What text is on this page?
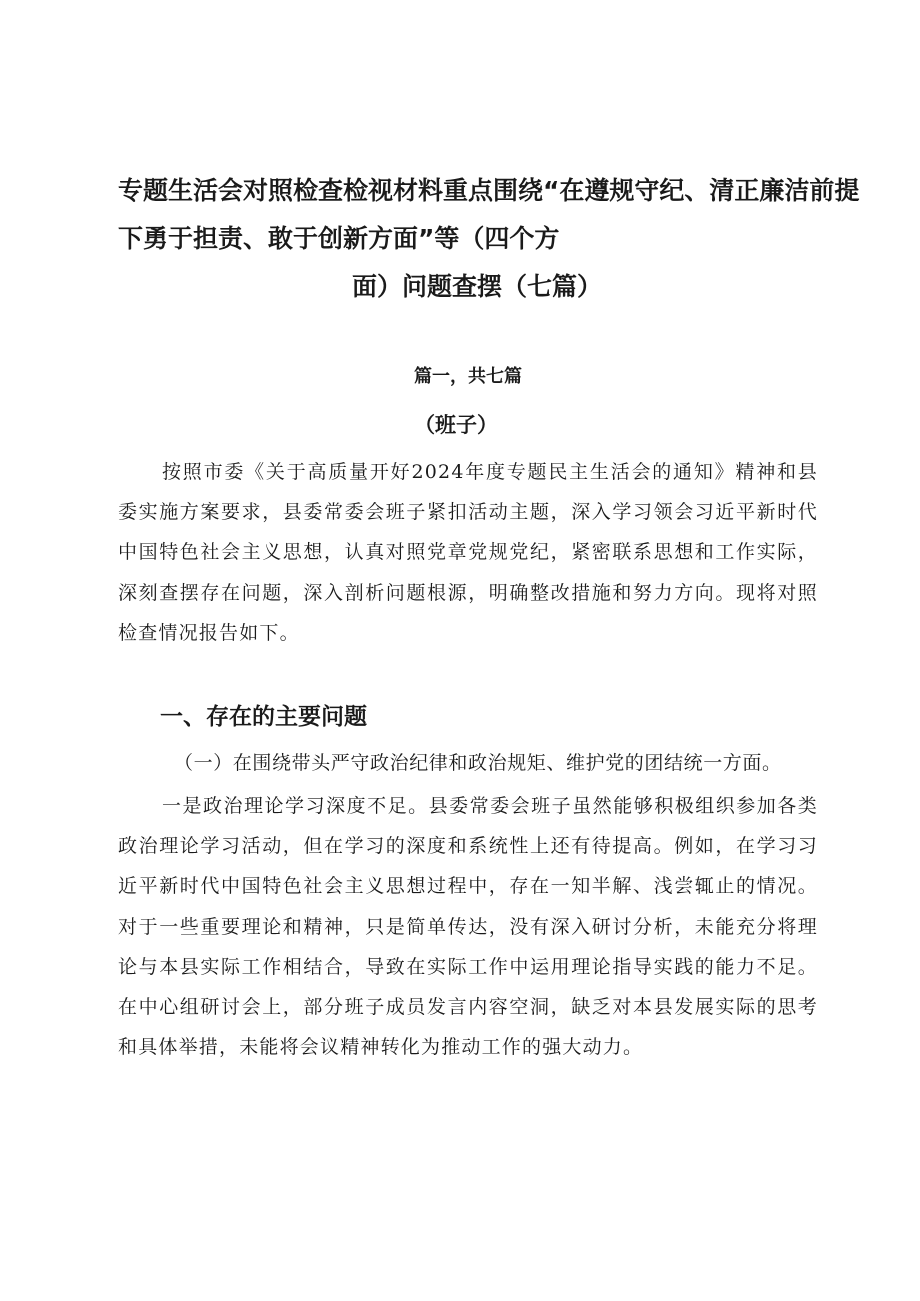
专题生活会对照检查检视材料重点围绕“在遵规守纪、清正廉洁前提
下勇于担责、敢于创新方面”等（四个方
面）问题查摆（七篇）
篇一，共七篇
（班子）
按照市委《关于高质量开好2024年度专题民主生活会的通知》精神和县委实施方案要求，县委常委会班子紧扣活动主题，深入学习领会习近平新时代中国特色社会主义思想，认真对照党章党规党纪，紧密联系思想和工作实际，深刻查摆存在问题，深入剖析问题根源，明确整改措施和努力方向。现将对照检查情况报告如下。
一、存在的主要问题
（一）在围绕带头严守政治纪律和政治规矩、维护党的团结统一方面。
一是政治理论学习深度不足。县委常委会班子虽然能够积极组织参加各类政治理论学习活动，但在学习的深度和系统性上还有待提高。例如，在学习习近平新时代中国特色社会主义思想过程中，存在一知半解、浅尝辄止的情况。对于一些重要理论和精神，只是简单传达，没有深入研讨分析，未能充分将理论与本县实际工作相结合，导致在实际工作中运用理论指导实践的能力不足。在中心组研讨会上，部分班子成员发言内容空洞，缺乏对本县发展实际的思考和具体举措，未能将会议精神转化为推动工作的强大动力。
